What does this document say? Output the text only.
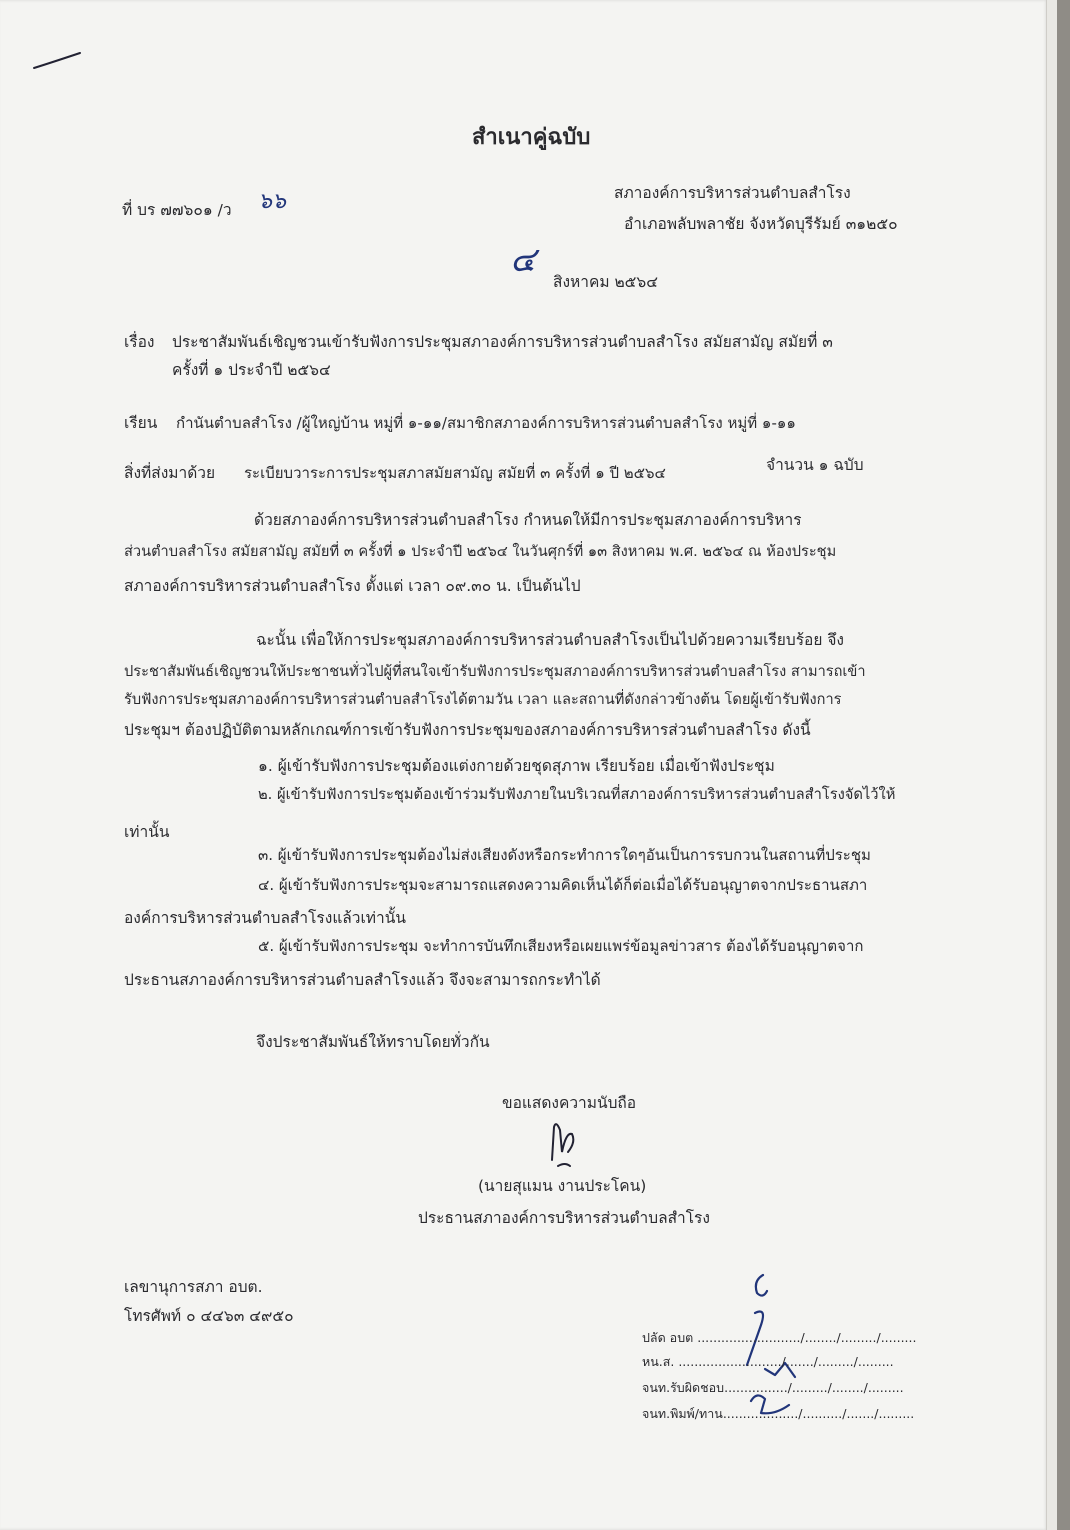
สำเนาคู่ฉบับ
ที่ บร ๗๗๖๐๑ /ว ๖๖	สภาองค์การบริหารส่วนตำบลสำโรง
อำเภอพลับพลาชัย จังหวัดบุรีรัมย์ ๓๑๒๕๐
๔
สิงหาคม ๒๕๖๔
เรื่อง ประชาสัมพันธ์เชิญชวนเข้ารับฟังการประชุมสภาองค์การบริหารส่วนตำบลสำโรง สมัยสามัญ สมัยที่ ๓
ครั้งที่ ๑ ประจำปี ๒๕๖๔
เรียน กำนันตำบลสำโรง /ผู้ใหญ่บ้าน หมู่ที่ ๑-๑๑/สมาชิกสภาองค์การบริหารส่วนตำบลสำโรง หมู่ที่ ๑-๑๑
สิ่งที่ส่งมาด้วย ระเบียบวาระการประชุมสภาสมัยสามัญ สมัยที่ ๓ ครั้งที่ ๑ ปี ๒๕๖๔	จำนวน ๑ ฉบับ
ด้วยสภาองค์การบริหารส่วนตำบลสำโรง กำหนดให้มีการประชุมสภาองค์การบริหาร
ส่วนตำบลสำโรง สมัยสามัญ สมัยที่ ๓ ครั้งที่ ๑ ประจำปี ๒๕๖๔ ในวันศุกร์ที่ ๑๓ สิงหาคม พ.ศ. ๒๕๖๔ ณ ห้องประชุม
สภาองค์การบริหารส่วนตำบลสำโรง ตั้งแต่ เวลา ๐๙.๓๐ น. เป็นต้นไป
ฉะนั้น เพื่อให้การประชุมสภาองค์การบริหารส่วนตำบลสำโรงเป็นไปด้วยความเรียบร้อย จึง
ประชาสัมพันธ์เชิญชวนให้ประชาชนทั่วไปผู้ที่สนใจเข้ารับฟังการประชุมสภาองค์การบริหารส่วนตำบลสำโรง สามารถเข้า
รับฟังการประชุมสภาองค์การบริหารส่วนตำบลสำโรงได้ตามวัน เวลา และสถานที่ดังกล่าวข้างต้น โดยผู้เข้ารับฟังการ
ประชุมฯ ต้องปฏิบัติตามหลักเกณฑ์การเข้ารับฟังการประชุมของสภาองค์การบริหารส่วนตำบลสำโรง ดังนี้
๑. ผู้เข้ารับฟังการประชุมต้องแต่งกายด้วยชุดสุภาพ เรียบร้อย เมื่อเข้าฟังประชุม
๒. ผู้เข้ารับฟังการประชุมต้องเข้าร่วมรับฟังภายในบริเวณที่สภาองค์การบริหารส่วนตำบลสำโรงจัดไว้ให้
เท่านั้น
๓. ผู้เข้ารับฟังการประชุมต้องไม่ส่งเสียงดังหรือกระทำการใดๆอันเป็นการรบกวนในสถานที่ประชุม
๔. ผู้เข้ารับฟังการประชุมจะสามารถแสดงความคิดเห็นได้ก็ต่อเมื่อได้รับอนุญาตจากประธานสภา
องค์การบริหารส่วนตำบลสำโรงแล้วเท่านั้น
๕. ผู้เข้ารับฟังการประชุม จะทำการบันทึกเสียงหรือเผยแพร่ข้อมูลข่าวสาร ต้องได้รับอนุญาตจาก
ประธานสภาองค์การบริหารส่วนตำบลสำโรงแล้ว จึงจะสามารถกระทำได้
จึงประชาสัมพันธ์ให้ทราบโดยทั่วกัน
ขอแสดงความนับถือ
(นายสุแมน งานประโคน)
ประธานสภาองค์การบริหารส่วนตำบลสำโรง
เลขานุการสภา อบต.
โทรศัพท์ ๐ ๔๔๖๓ ๔๙๕๐
ปลัด อบต ........................../......../........./.........
หน.ส. ........................../......./........./.........
จนท.รับผิดชอบ................/........./......../.........
จนท.พิมพ์/ทาน.................../........../......./.........
